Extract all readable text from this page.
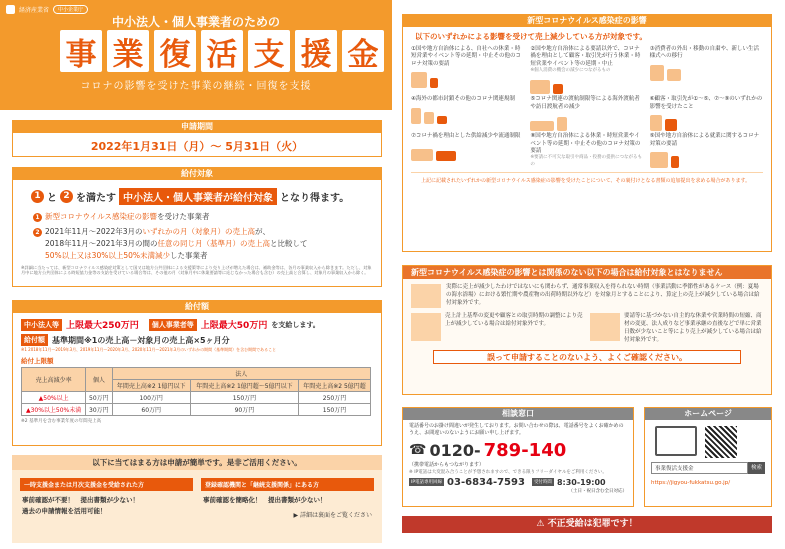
経済産業省	中小企業庁
中小法人・個人事業者のための
事 業 復 活 支 援 金
コロナの影響を受けた事業の継続・回復を支援
申請期間
2022年1月31日（月）〜 5月31日（火）
給付対象
1 と 2 を満たす 中小法人・個人事業者が給付対象 となり得ます。
1 新型コロナウイルス感染症の影響を受けた事業者
2 2021年11月〜2022年3月のいずれかの月（対象月）の売上高が、
2018年11月〜2021年3月の間の任意の同じ月（基準月）の売上高と比較して
50%以上又は30%以上50%未満減少した事業者
※詳細に当たっては、新型コロナウイルス感染症対策として国又は地方公共団体による支援策等により売り上げが増えた場合は、補助金等は、各月の事業収入から除きます。ただし、対象月中に地方公共団体による時短協力金等の支給を受けている場合等は、その他の月（対象月中に休業要請等に応じなかった場合も含む）の売上高と合算し、対象月の事業収入から除く。
給付額
中小法人等 上限最大250万円	個人事業者等 上限最大50万円 を支給します。
給付額 基準期間※1の売上高－対象月の売上高×5ヶ月分
※1 2018年11月〜2019年3月、2019年11月〜2020年3月、2020年11月〜2021年3月のいずれかの期間（基準期間）を含む期間であること
給付上限額
売上高減少率	個人	法人		
		年間売上高※2 1億円以下	年間売上高※2 1億円超〜5億円以下	年間売上高※2 5億円超
▲50%以上	50万円	100万円	150万円	250万円
▲30%以上50%未満	30万円	60万円	90万円	150万円
※2 基準月を含む事業年度の年間売上高
以下に当てはまる方は申請が簡単です。是非ご活用ください。
一時支援金または月次支援金を受給された方
事前確認が不要！　提出書類が少ない！
過去の申請情報を活用可能！
登録確認機関と「継続支援関係」にある方
事前確認を簡略化！　提出書類が少ない！
▶ 詳細は裏面をご覧ください
新型コロナウイルス感染症の影響
以下のいずれかによる影響を受けて売上減少している方が対象です。
①国や地方自治体による、自社への休業・時短営業やイベント等の延期・中止その他のコロナ対策の要請
②国や地方自治体による要請以外で、コロナ禍を理由として顧客・取引先が行う休業・時短営業やイベント等の延期・中止
※個人消費の機会の減少につながるもの
③消費者の外出・移動の自粛や、新しい生活様式への移行
④海外の都市封鎖その他のコロナ関連規制	⑤コロナ関連の渡航制限等による海外渡航者や訪日渡航者の減少
⑥顧客・取引先が①〜⑤、⑦〜⑨のいずれかの影響を受けたこと
⑦コロナ禍を理由とした供給減少や流通制限	⑧国や地方自治体による休業・時短営業やイベント等の延期・中止その他のコロナ対策の要請
※要請に不可欠な取引や商品・役務の提供につながるもの
⑨国や地方自治体による就業に関するコロナ対策の要請
上記に記載されたいずれかの新型コロナウイルス感染症の影響を受けたことについて、その裏付けとなる書類の追加提出を求める場合があります。
新型コロナウイルス感染症の影響とは関係のない以下の場合は給付対象とはなりません
実際に売上が減少したわけではないにも関わらず、通常事業収入を得られない時期（事業活動に季節性があるケース（例：夏場の海水浴場）における繁忙期や農産物の出荷時期以外など）を対象月とすることにより、算定上の売上が減少している場合は給付対象外です。
売上計上基準の変更や顧客との取引時期の調整により売上が減少している場合は給付対象外です。
要請等に基づかない自主的な休業や営業時間の短縮、商材の変更、法人成りなど事業承継の直後などで単に営業日数が少ないこと等により売上が減少している場合は給付対象外です。
誤って申請することのないよう、よくご確認ください。
相談窓口
電話番号のお掛け間違いが発生しております。お問い合わせの際は、電話番号をよくお確かめのうえ、お間違いのないようにお願い申し上げます。
☎ 0120- 789-140
（携帯電話からもつながります）
※ IP電話は大変混み合うことが予想されますので、できる限りフリーダイヤルをご利用ください。
IP電話専用回線 03-6834-7593	受付時間 8:30-19:00
（土日・祝日含む全日対応）
ホームページ
事業復活支援金	検索
https://jigyou-fukkatsu.go.jp/
⚠ 不正受給は犯罪です！
